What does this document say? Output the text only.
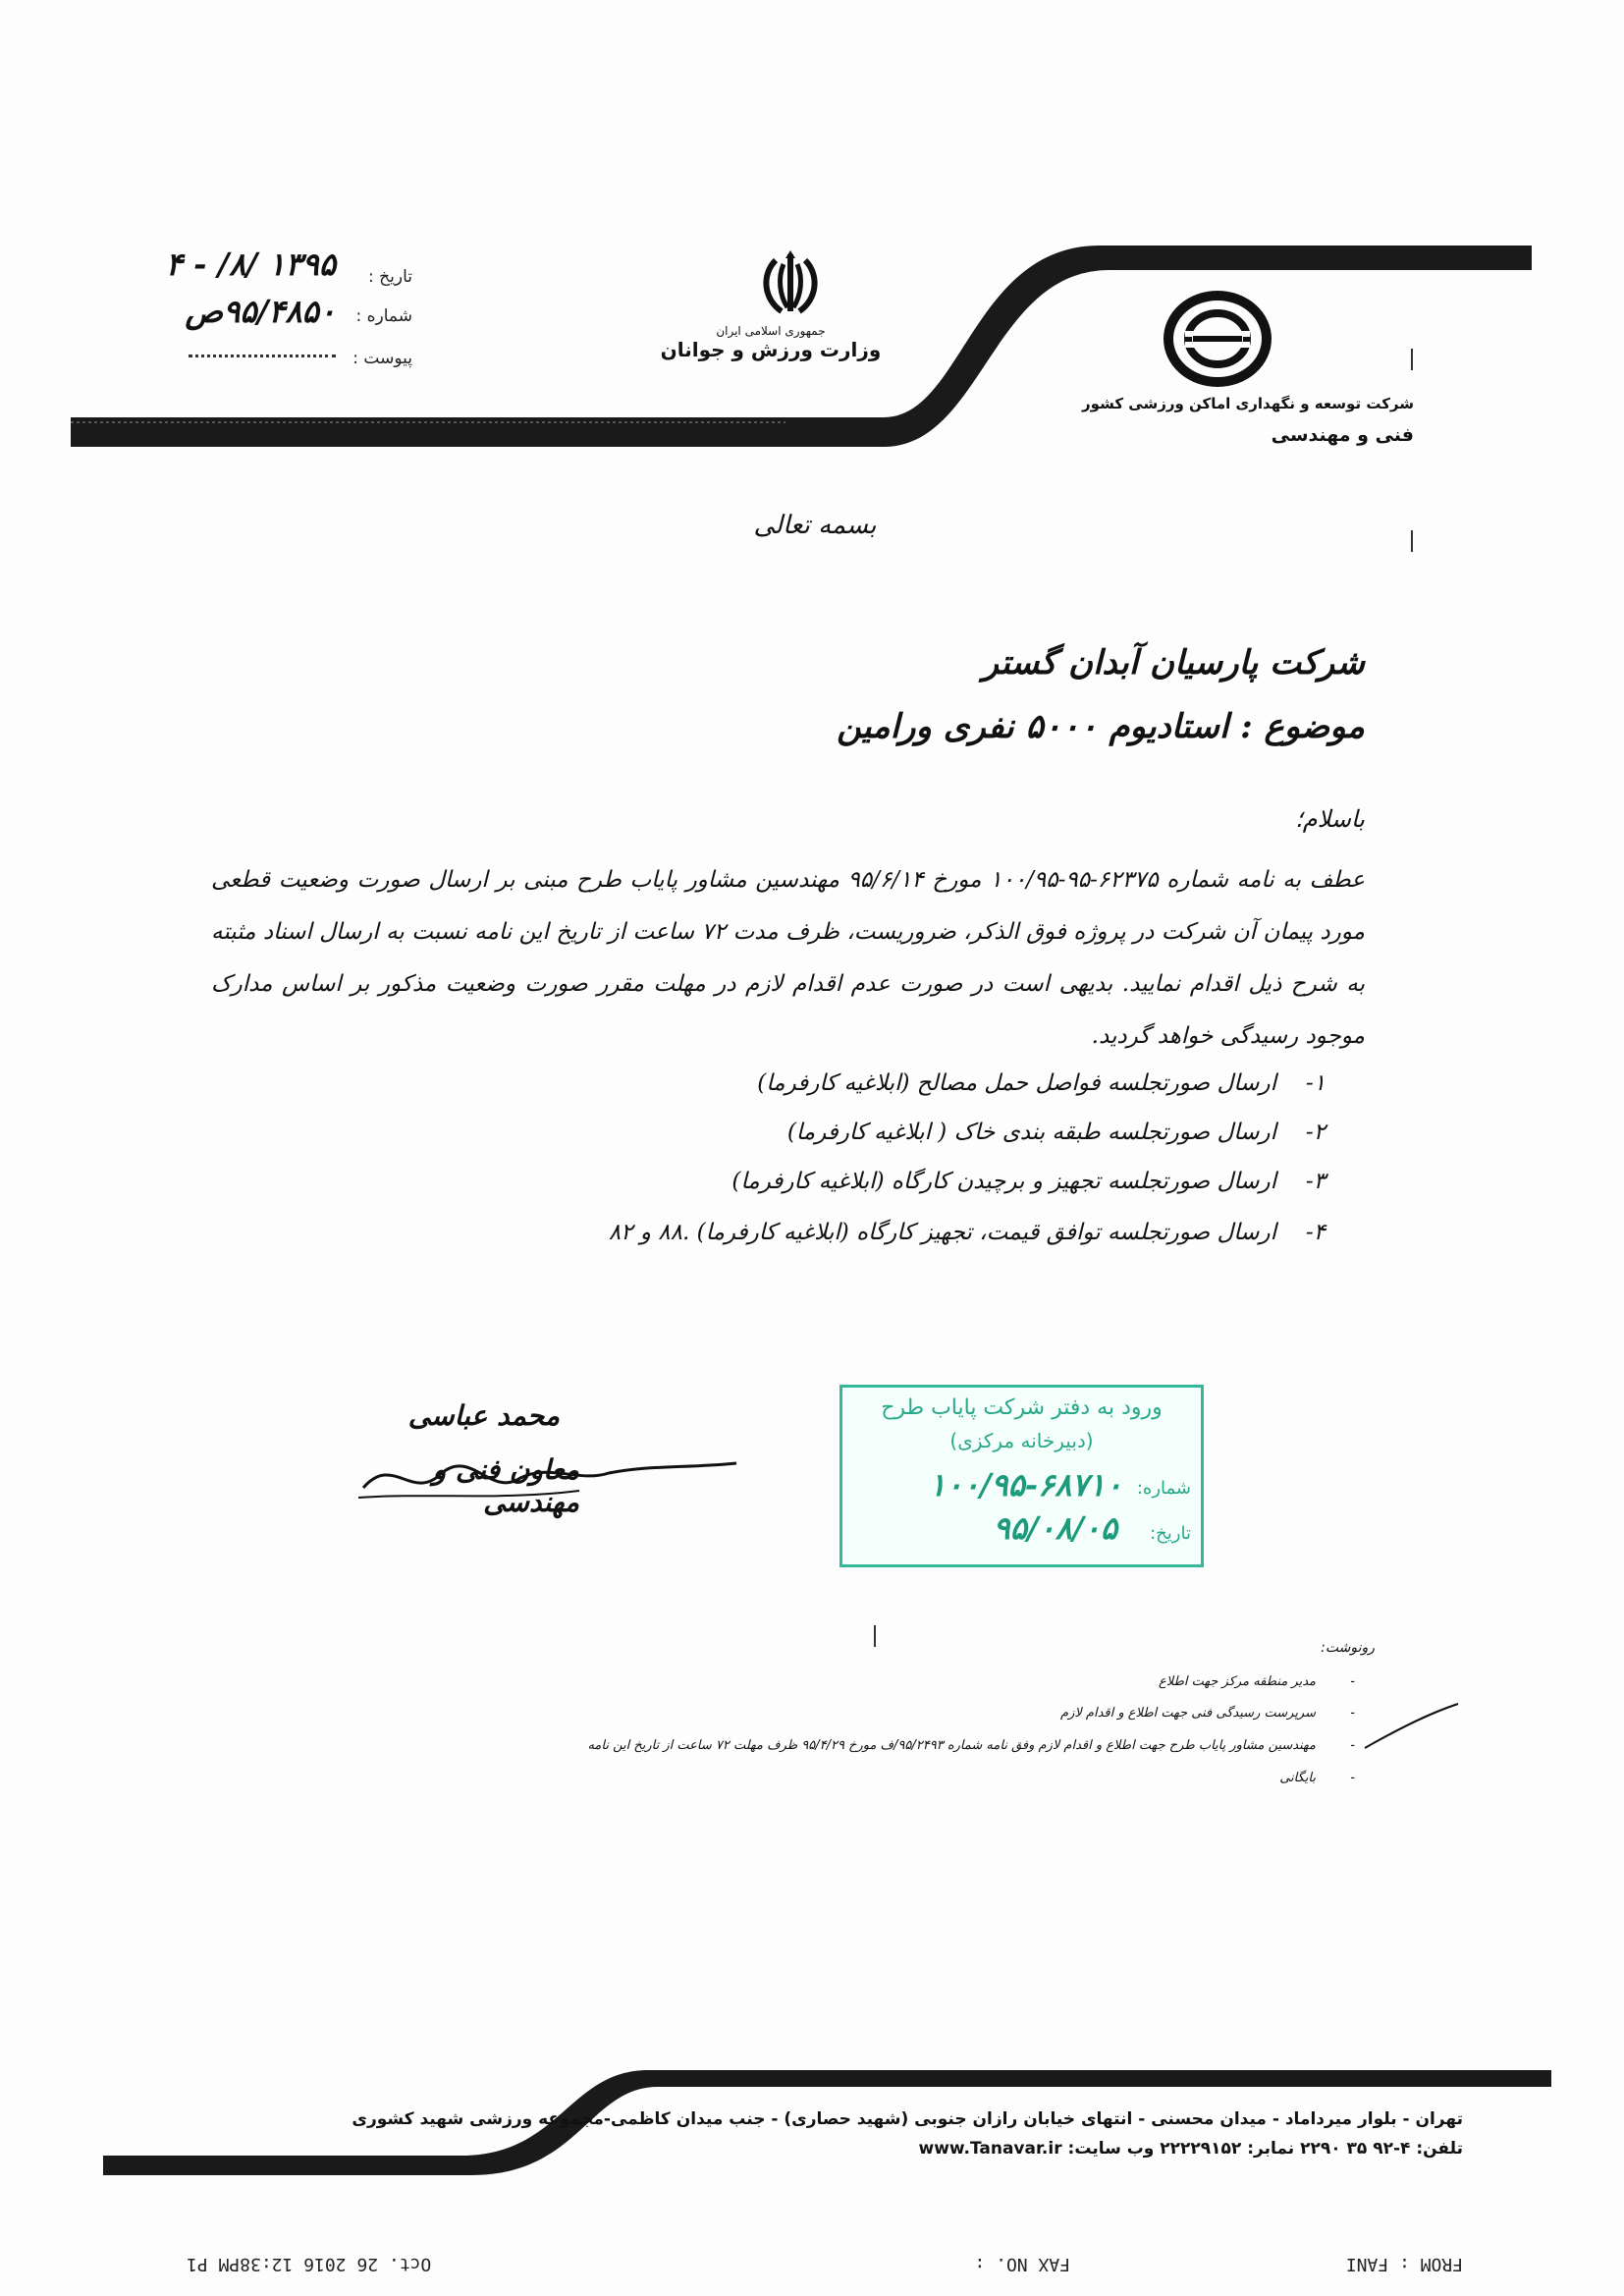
تاریخ :
۱۳۹۵ /۸/ - ۴
شماره :
۹۵/۴۸۵۰ص
پیوست :
جمهوری اسلامی ایران
وزارت ورزش و جوانان
شرکت توسعه و نگهداری اماکن ورزشی کشور
فنی و مهندسی
بسمه تعالی
شرکت پارسیان آبدان گستر
موضوع : استادیوم ۵۰۰۰ نفری ورامین
باسلام؛
عطف به نامه شماره ۶۲۳۷۵-۹۵-۱۰۰/۹۵ مورخ ۹۵/۶/۱۴ مهندسین مشاور پایاب طرح مبنی بر ارسال صورت وضعیت قطعی مورد پیمان آن شرکت در پروژه فوق الذکر، ضروریست، ظرف مدت ۷۲ ساعت از تاریخ این نامه نسبت به ارسال اسناد مثبته به شرح ذیل اقدام نمایید. بدیهی است در صورت عدم اقدام لازم در مهلت مقرر صورت وضعیت مذکور بر اساس مدارک موجود رسیدگی خواهد گردید.
۱-
ارسال صورتجلسه فواصل حمل مصالح (ابلاغیه کارفرما)
۲-
ارسال صورتجلسه طبقه بندی خاک ( ابلاغیه کارفرما)
۳-
ارسال صورتجلسه تجهیز و برچیدن کارگاه (ابلاغیه کارفرما)
۴-
ارسال صورتجلسه توافق قیمت، تجهیز کارگاه (ابلاغیه کارفرما) .۸۸ و ۸۲
محمد عباسی
معاون فنی و مهندسی
ورود به دفتر شرکت پایاب طرح
(دبیرخانه مرکزی)
شماره:
۱۰۰/۹۵-۶۸۷۱۰
تاریخ:
۹۵/۰۸/۰۵
رونوشت:
-
مدیر منطقه مرکز جهت اطلاع
-
سرپرست رسیدگی فنی جهت اطلاع و اقدام لازم
-
مهندسین مشاور پایاب طرح جهت اطلاع و اقدام لازم وفق نامه شماره ۹۵/۲۴۹۳/ف مورخ ۹۵/۴/۲۹ ظرف مهلت ۷۲ ساعت از تاریخ این نامه
-
بایگانی
تهران - بلوار میرداماد - میدان محسنی - انتهای خیابان رازان جنوبی (شهید حصاری) - جنب میدان کاظمی-مجموعه ورزشی شهید کشوری
تلفن: ۴-۹۲ ۳۵ ۲۲۹۰ نمابر: ۲۲۲۲۹۱۵۲ وب سایت: www.Tanavar.ir
FROM : FANI
FAX NO. :
Oct. 26 2016 12:38PM P1
